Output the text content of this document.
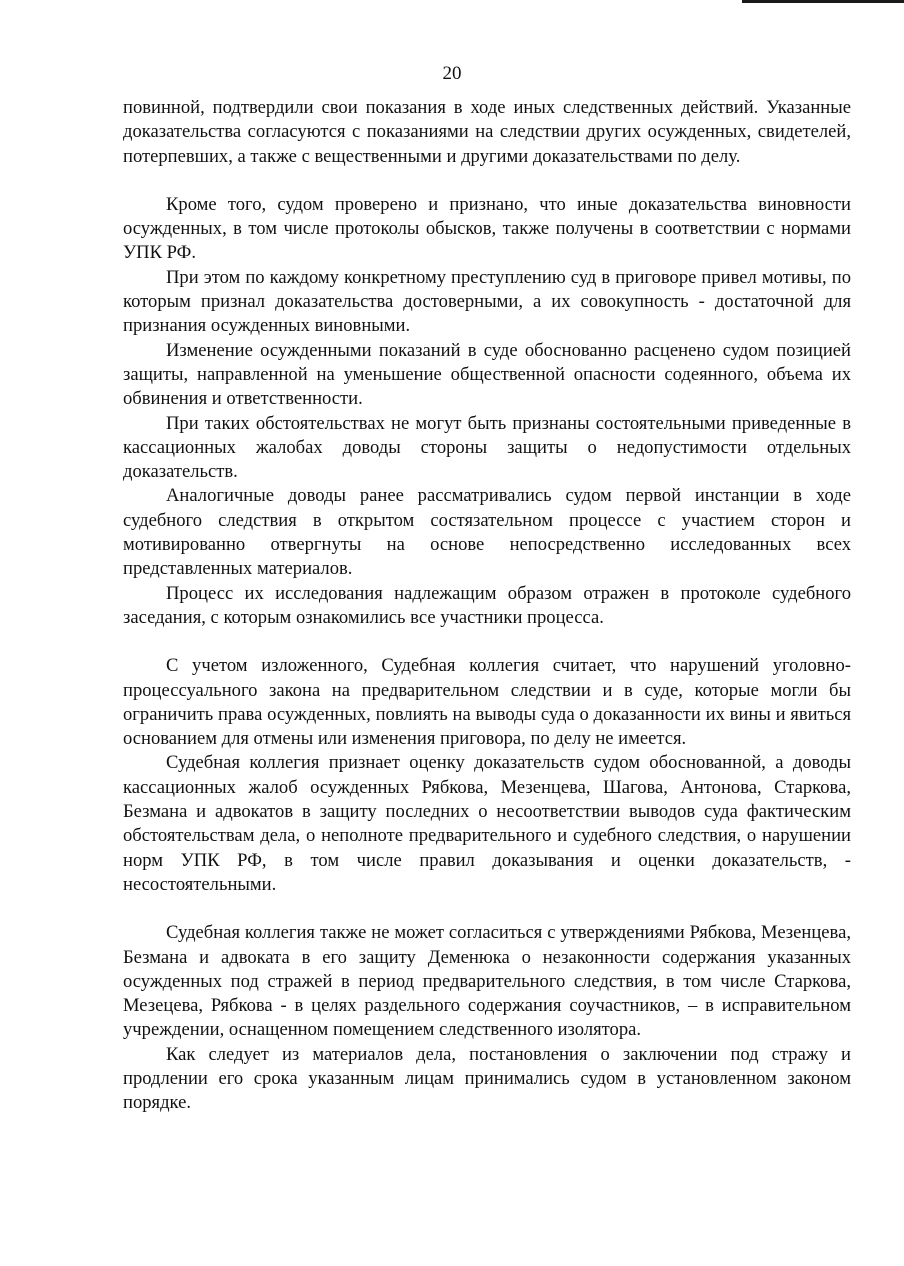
20

повинной, подтвердили свои показания в ходе иных следственных действий. Указанные доказательства согласуются с показаниями на следствии других осужденных, свидетелей, потерпевших, а также с вещественными и другими доказательствами по делу.

Кроме того, судом проверено и признано, что иные доказательства виновности осужденных, в том числе протоколы обысков, также получены в соответствии с нормами УПК РФ.

При этом по каждому конкретному преступлению суд в приговоре привел мотивы, по которым признал доказательства достоверными, а их совокупность - достаточной для признания осужденных виновными.

Изменение осужденными показаний в суде обоснованно расценено судом позицией защиты, направленной на уменьшение общественной опасности содеянного, объема их обвинения и ответственности.

При таких обстоятельствах не могут быть признаны состоятельными приведенные в кассационных жалобах доводы стороны защиты о недопустимости отдельных доказательств.

Аналогичные доводы ранее рассматривались судом первой инстанции в ходе судебного следствия в открытом состязательном процессе с участием сторон и мотивированно отвергнуты на основе непосредственно исследованных всех представленных материалов.

Процесс их исследования надлежащим образом отражен в протоколе судебного заседания, с которым ознакомились все участники процесса.

С учетом изложенного, Судебная коллегия считает, что нарушений уголовно-процессуального закона на предварительном следствии и в суде, которые могли бы ограничить права осужденных, повлиять на выводы суда о доказанности их вины и явиться основанием для отмены или изменения приговора, по делу не имеется.

Судебная коллегия признает оценку доказательств судом обоснованной, а доводы кассационных жалоб осужденных Рябкова, Мезенцева, Шагова, Антонова, Старкова, Безмана и адвокатов в защиту последних о несоответствии выводов суда фактическим обстоятельствам дела, о неполноте предварительного и судебного следствия, о нарушении норм УПК РФ, в том числе правил доказывания и оценки доказательств, - несостоятельными.

Судебная коллегия также не может согласиться с утверждениями Рябкова, Мезенцева, Безмана и адвоката в его защиту Деменюка о незаконности содержания указанных осужденных под стражей в период предварительного следствия, в том числе Старкова, Мезецева, Рябкова - в целях раздельного содержания соучастников, – в исправительном учреждении, оснащенном помещением следственного изолятора.

Как следует из материалов дела, постановления о заключении под стражу и продлении его срока указанным лицам принимались судом в установленном законом порядке.
